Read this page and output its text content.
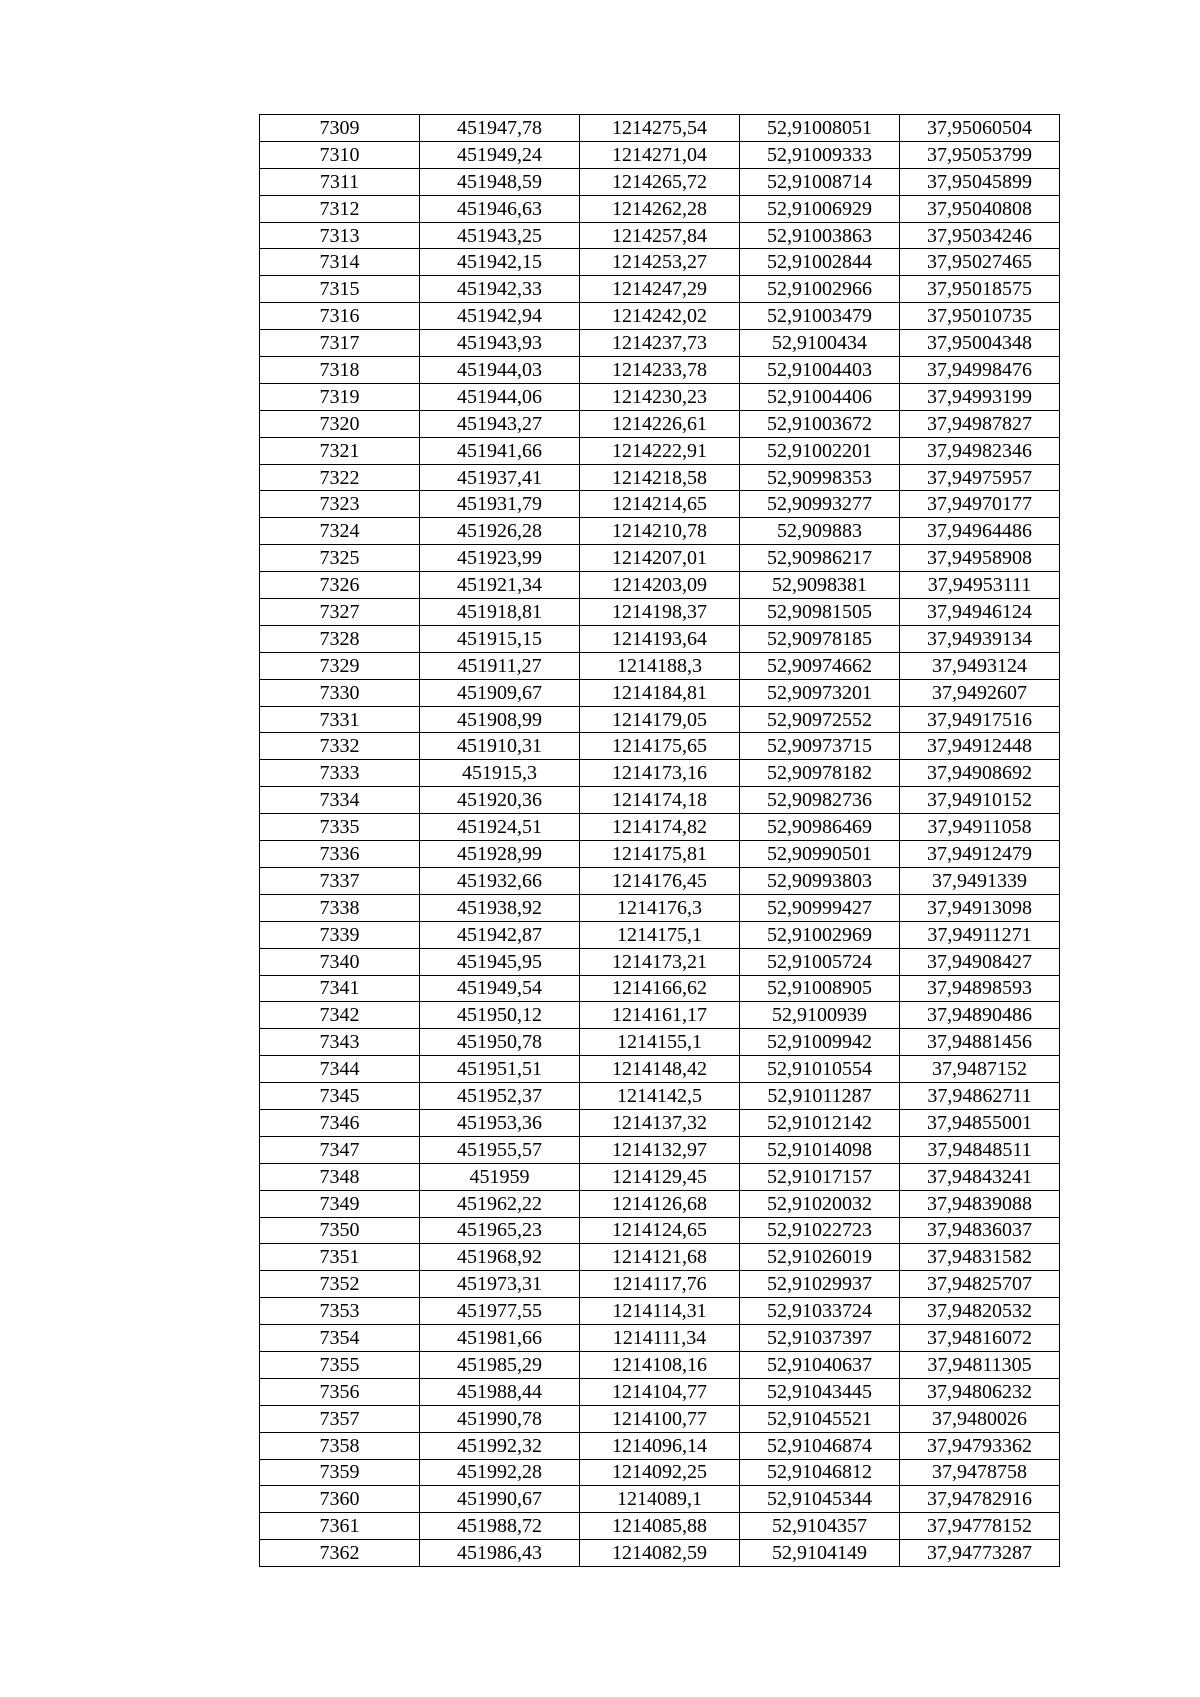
7309	451947,78	1214275,54	52,91008051	37,95060504
7310	451949,24	1214271,04	52,91009333	37,95053799
7311	451948,59	1214265,72	52,91008714	37,95045899
7312	451946,63	1214262,28	52,91006929	37,95040808
7313	451943,25	1214257,84	52,91003863	37,95034246
7314	451942,15	1214253,27	52,91002844	37,95027465
7315	451942,33	1214247,29	52,91002966	37,95018575
7316	451942,94	1214242,02	52,91003479	37,95010735
7317	451943,93	1214237,73	52,9100434	37,95004348
7318	451944,03	1214233,78	52,91004403	37,94998476
7319	451944,06	1214230,23	52,91004406	37,94993199
7320	451943,27	1214226,61	52,91003672	37,94987827
7321	451941,66	1214222,91	52,91002201	37,94982346
7322	451937,41	1214218,58	52,90998353	37,94975957
7323	451931,79	1214214,65	52,90993277	37,94970177
7324	451926,28	1214210,78	52,909883	37,94964486
7325	451923,99	1214207,01	52,90986217	37,94958908
7326	451921,34	1214203,09	52,9098381	37,94953111
7327	451918,81	1214198,37	52,90981505	37,94946124
7328	451915,15	1214193,64	52,90978185	37,94939134
7329	451911,27	1214188,3	52,90974662	37,9493124
7330	451909,67	1214184,81	52,90973201	37,9492607
7331	451908,99	1214179,05	52,90972552	37,94917516
7332	451910,31	1214175,65	52,90973715	37,94912448
7333	451915,3	1214173,16	52,90978182	37,94908692
7334	451920,36	1214174,18	52,90982736	37,94910152
7335	451924,51	1214174,82	52,90986469	37,94911058
7336	451928,99	1214175,81	52,90990501	37,94912479
7337	451932,66	1214176,45	52,90993803	37,9491339
7338	451938,92	1214176,3	52,90999427	37,94913098
7339	451942,87	1214175,1	52,91002969	37,94911271
7340	451945,95	1214173,21	52,91005724	37,94908427
7341	451949,54	1214166,62	52,91008905	37,94898593
7342	451950,12	1214161,17	52,9100939	37,94890486
7343	451950,78	1214155,1	52,91009942	37,94881456
7344	451951,51	1214148,42	52,91010554	37,9487152
7345	451952,37	1214142,5	52,91011287	37,94862711
7346	451953,36	1214137,32	52,91012142	37,94855001
7347	451955,57	1214132,97	52,91014098	37,94848511
7348	451959	1214129,45	52,91017157	37,94843241
7349	451962,22	1214126,68	52,91020032	37,94839088
7350	451965,23	1214124,65	52,91022723	37,94836037
7351	451968,92	1214121,68	52,91026019	37,94831582
7352	451973,31	1214117,76	52,91029937	37,94825707
7353	451977,55	1214114,31	52,91033724	37,94820532
7354	451981,66	1214111,34	52,91037397	37,94816072
7355	451985,29	1214108,16	52,91040637	37,94811305
7356	451988,44	1214104,77	52,91043445	37,94806232
7357	451990,78	1214100,77	52,91045521	37,9480026
7358	451992,32	1214096,14	52,91046874	37,94793362
7359	451992,28	1214092,25	52,91046812	37,9478758
7360	451990,67	1214089,1	52,91045344	37,94782916
7361	451988,72	1214085,88	52,9104357	37,94778152
7362	451986,43	1214082,59	52,9104149	37,94773287
